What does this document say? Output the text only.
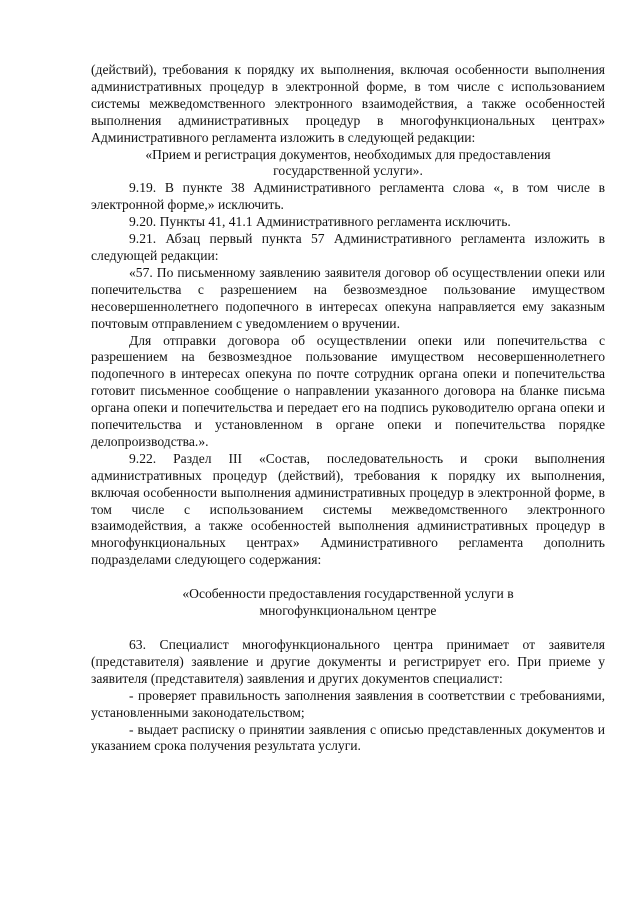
(действий), требования к порядку их выполнения, включая особенности выполнения административных процедур в электронной форме, в том числе с использованием системы межведомственного электронного взаимодействия, а также особенностей выполнения административных процедур в многофункциональных центрах» Административного регламента изложить в следующей редакции:

«Прием и регистрация документов, необходимых для предоставления государственной услуги».

9.19. В пункте 38 Административного регламента слова «, в том числе в электронной форме,» исключить.

9.20. Пункты 41, 41.1 Административного регламента исключить.

9.21. Абзац первый пункта 57 Административного регламента изложить в следующей редакции:

«57. По письменному заявлению заявителя договор об осуществлении опеки или попечительства с разрешением на безвозмездное пользование имуществом несовершеннолетнего подопечного в интересах опекуна направляется ему заказным почтовым отправлением с уведомлением о вручении.

Для отправки договора об осуществлении опеки или попечительства с разрешением на безвозмездное пользование имуществом несовершеннолетнего подопечного в интересах опекуна по почте сотрудник органа опеки и попечительства готовит письменное сообщение о направлении указанного договора на бланке письма органа опеки и попечительства и передает его на подпись руководителю органа опеки и попечительства и установленном в органе опеки и попечительства порядке делопроизводства.».

9.22. Раздел III «Состав, последовательность и сроки выполнения административных процедур (действий), требования к порядку их выполнения, включая особенности выполнения административных процедур в электронной форме, в том числе с использованием системы межведомственного электронного взаимодействия, а также особенностей выполнения административных процедур в многофункциональных центрах» Административного регламента дополнить подразделами следующего содержания:

«Особенности предоставления государственной услуги в многофункциональном центре

63. Специалист многофункционального центра принимает от заявителя (представителя) заявление и другие документы и регистрирует его. При приеме у заявителя (представителя) заявления и других документов специалист:

- проверяет правильность заполнения заявления в соответствии с требованиями, установленными законодательством;

- выдает расписку о принятии заявления с описью представленных документов и указанием срока получения результата услуги.
